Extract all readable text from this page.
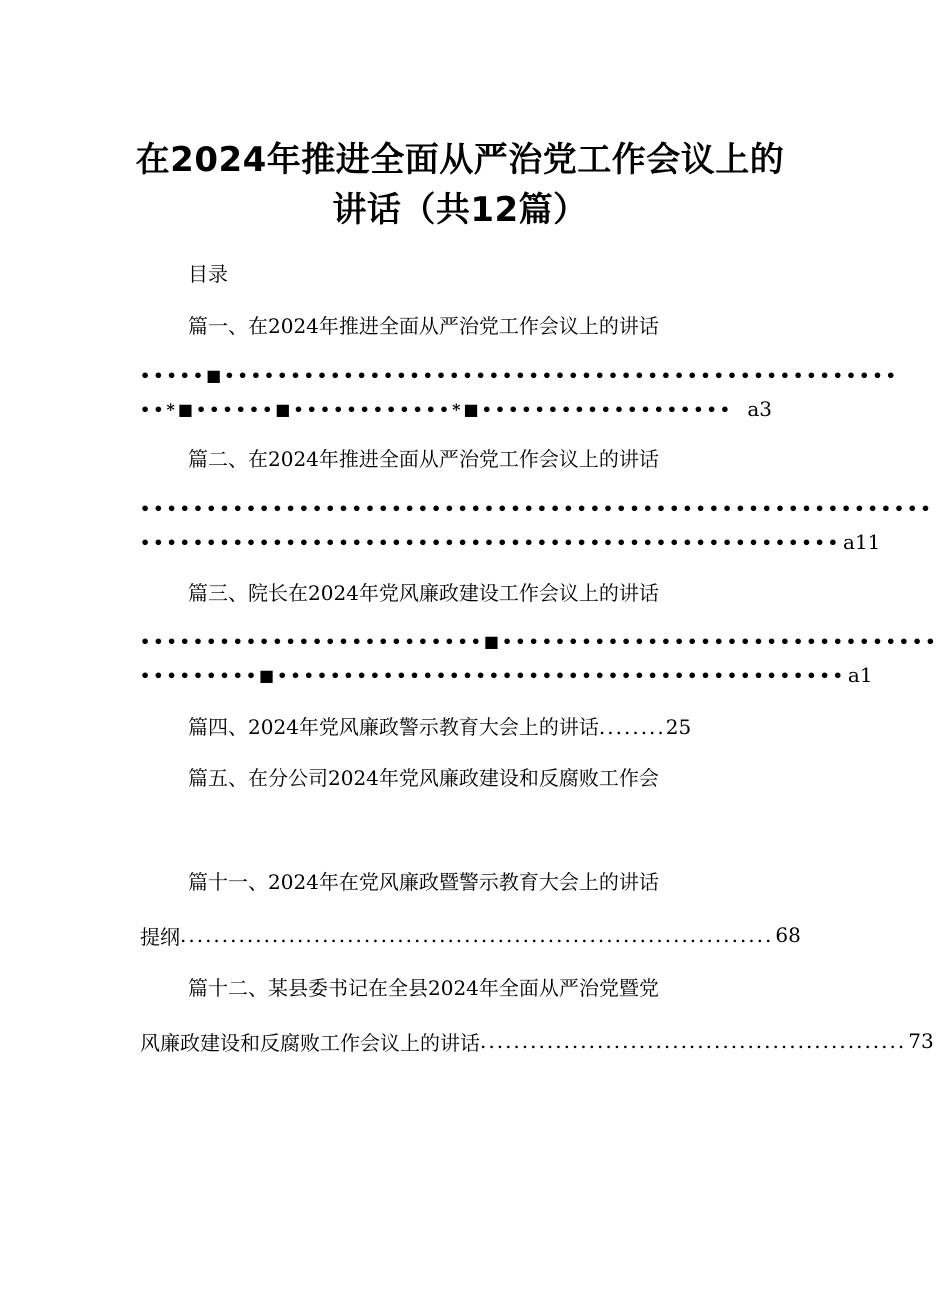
在2024年推进全面从严治党工作会议上的
讲话（共12篇）
目录
篇一、在2024年推进全面从严治党工作会议上的讲话
•••••■•••••••••••••••••••••••••••••••••••••••••••••••••••
••*■••••••■••••••••••••*■••••••••••••••••••• a3
篇二、在2024年推进全面从严治党工作会议上的讲话
••••••••••••••••••••••••••••••••••••••••••••••••••••••••••••
••••••••••••••••••••••••••••••••••••••••••••••••••••• a11
篇三、院长在2024年党风廉政建设工作会议上的讲话
••••••••••••••••••••••••••■•••••••••••••••••••••••••••••••••
•••••••••■••••••••••••••••••••••••••••••••••••••••••• a1
篇四、2024年党风廉政警示教育大会上的讲话 ........ 25
篇五、在分公司2024年党风廉政建设和反腐败工作会
篇十一、2024年在党风廉政暨警示教育大会上的讲话
提纲 ....................................................................... 68
篇十二、某县委书记在全县2024年全面从严治党暨党
风廉政建设和反腐败工作会议上的讲话 ................................................... 73
